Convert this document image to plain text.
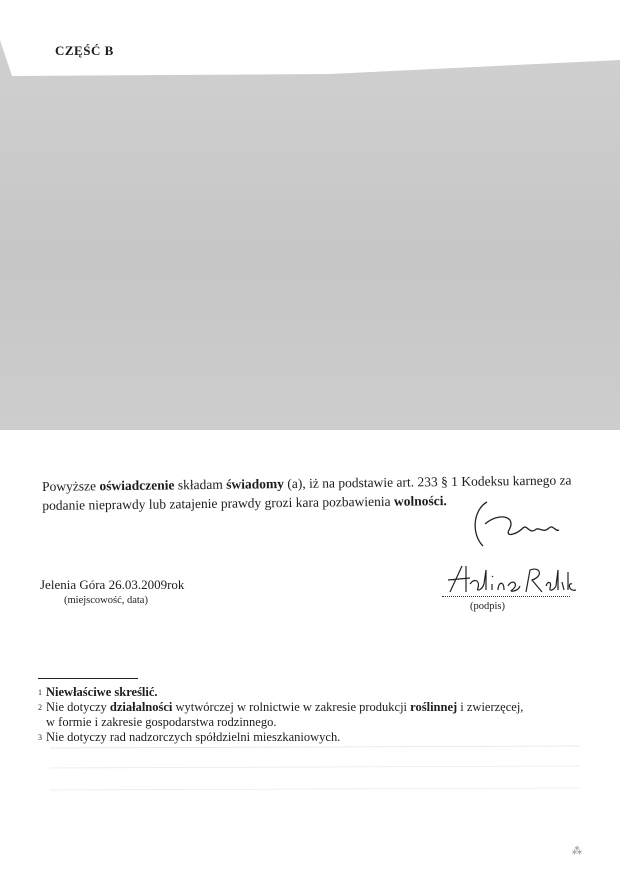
CZĘŚĆ B

Powyższe oświadczenie składam świadomy (a), iż na podstawie art. 233 § 1 Kodeksu karnego za podanie nieprawdy lub zatajenie prawdy grozi kara pozbawienia wolności.

Jelenia Góra 26.03.2009rok
(miejscowość, data)
(podpis)

$^1$ Niewłaściwe skreślić.

$^2$ Nie dotyczy działalności wytwórczej w rolnictwie w zakresie produkcji roślinnej i zwierzęcej,

w formie i zakresie gospodarstwa rodzinnego.

$^3$ Nie dotyczy rad nadzorczych spółdzielni mieszkaniowych.

⁂
